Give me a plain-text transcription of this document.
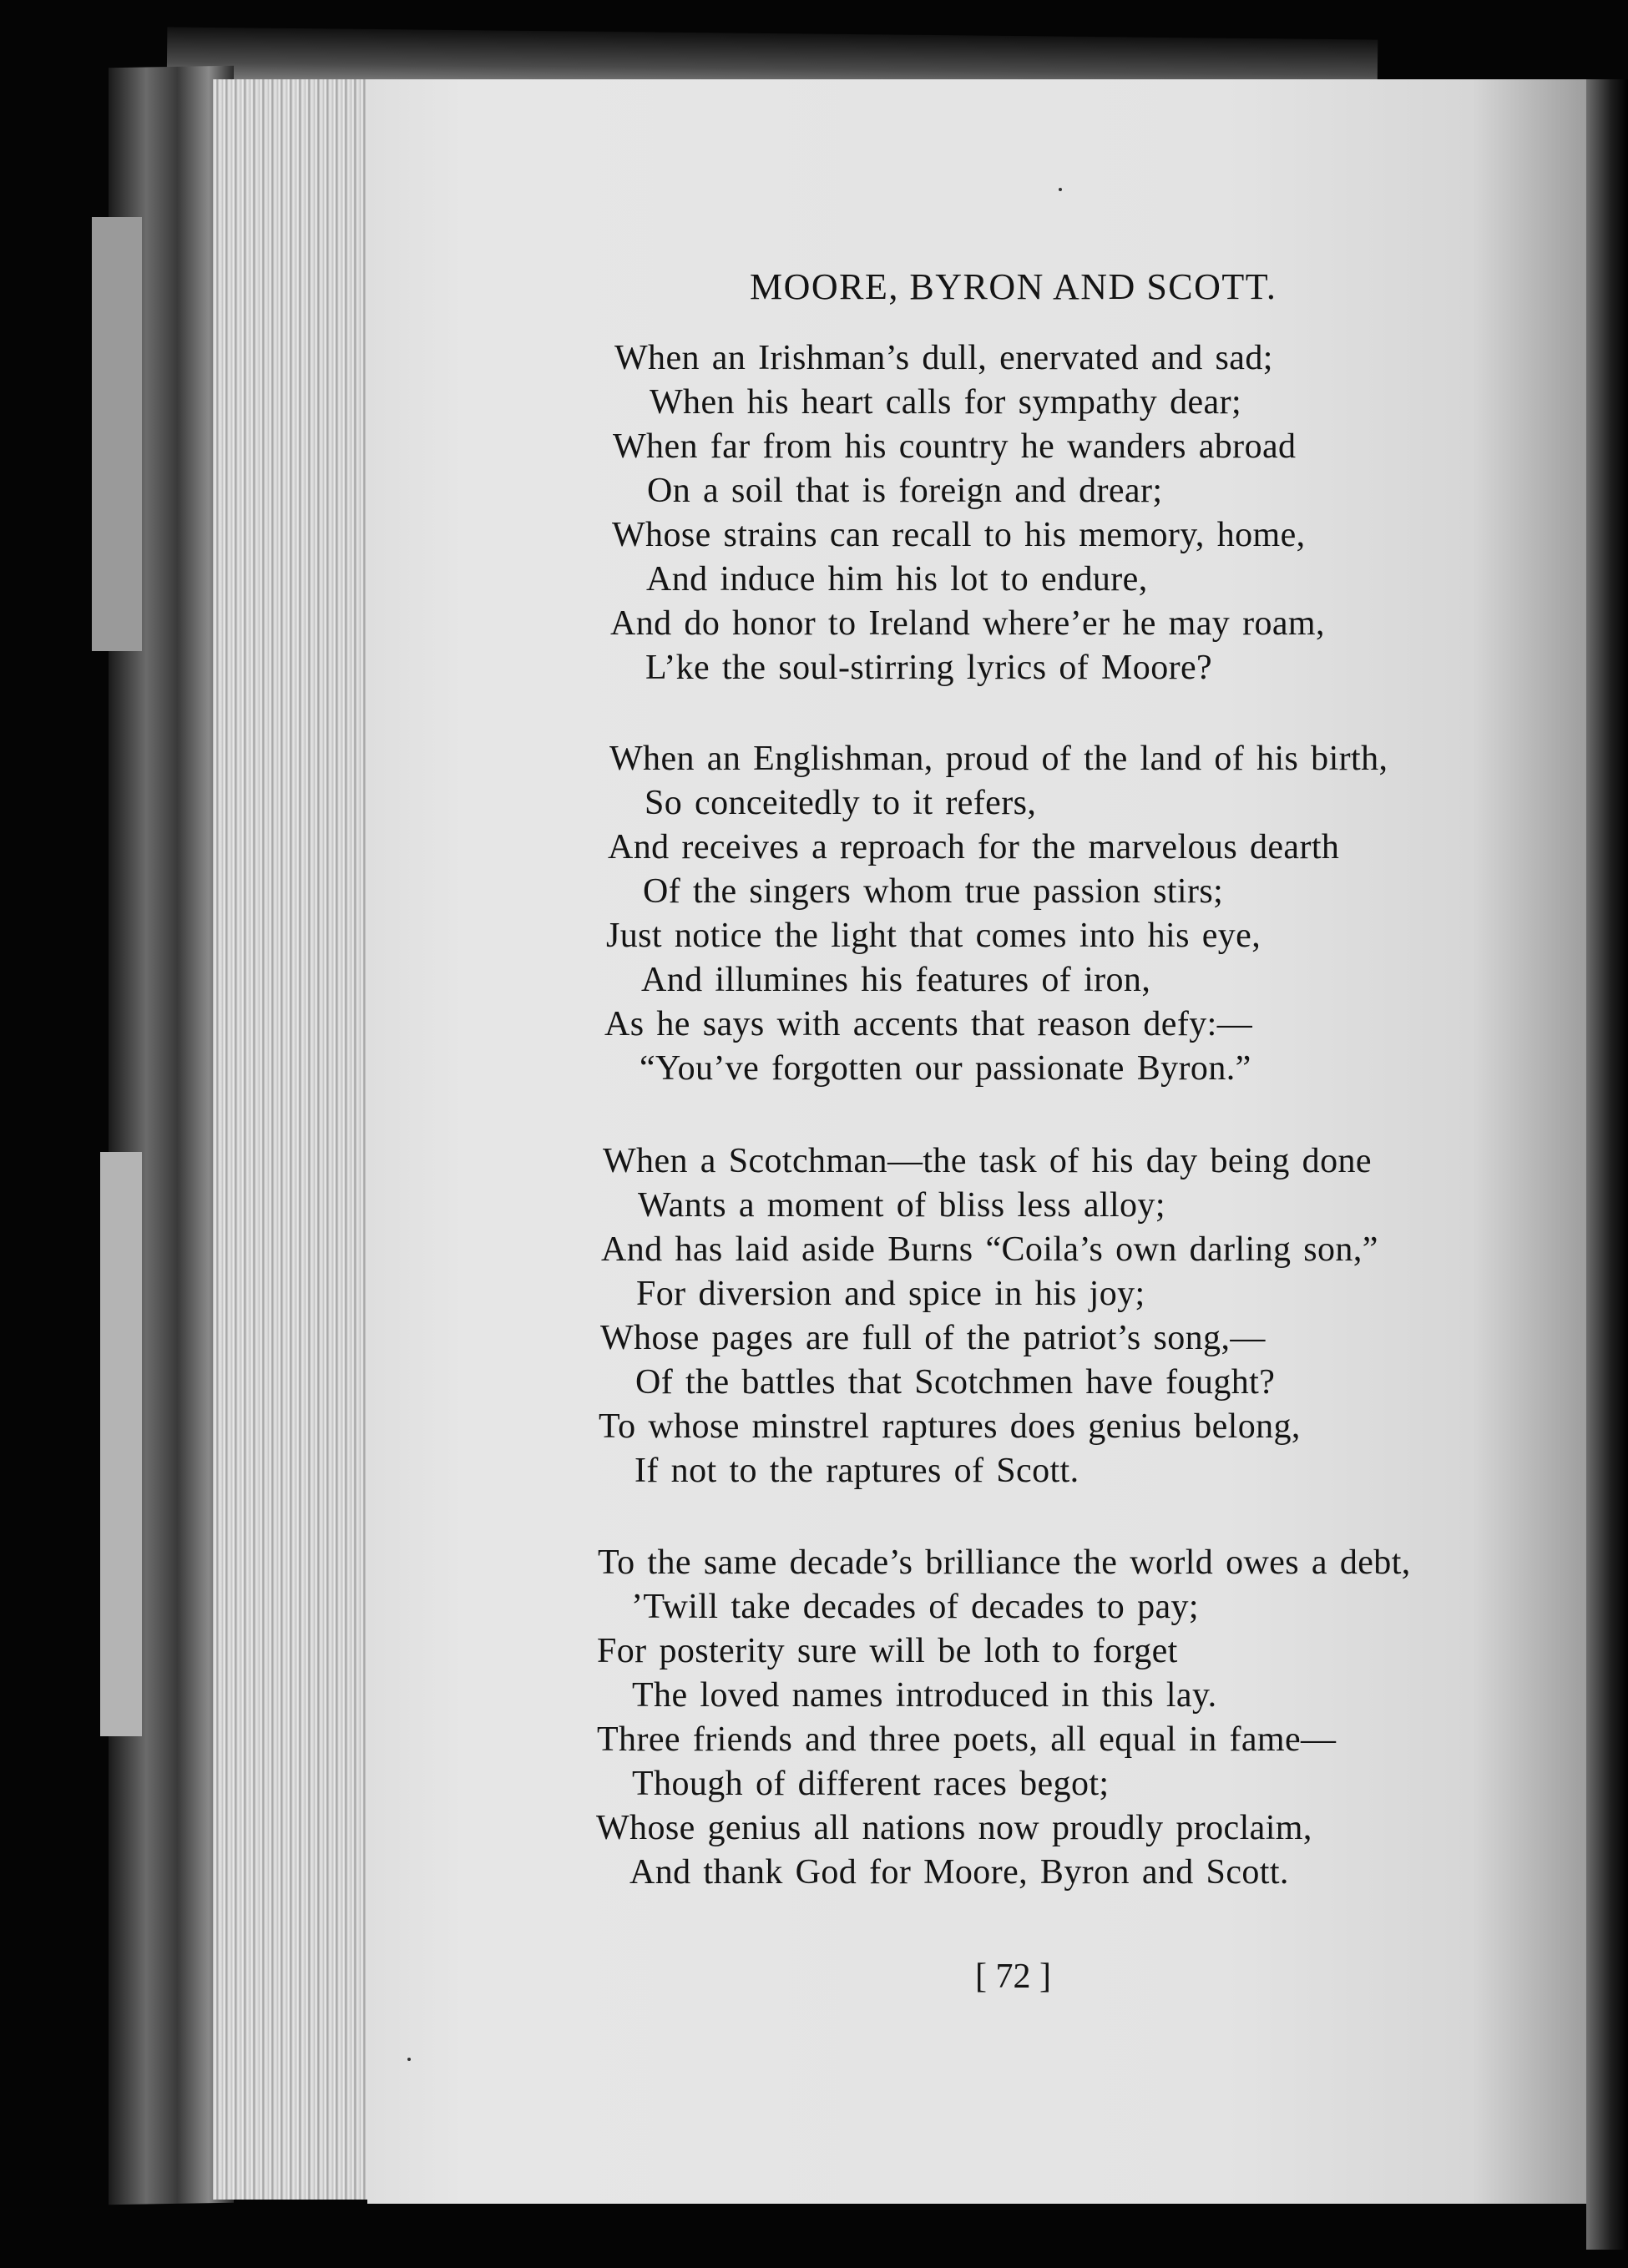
MOORE, BYRON AND SCOTT.
When an Irishman’s dull, enervated and sad;
When his heart calls for sympathy dear;
When far from his country he wanders abroad
On a soil that is foreign and drear;
Whose strains can recall to his memory, home,
And induce him his lot to endure,
And do honor to Ireland where’er he may roam,
L’ke the soul-stirring lyrics of Moore?
When an Englishman, proud of the land of his birth,
So conceitedly to it refers,
And receives a reproach for the marvelous dearth
Of the singers whom true passion stirs;
Just notice the light that comes into his eye,
And illumines his features of iron,
As he says with accents that reason defy:—
“You’ve forgotten our passionate Byron.”
When a Scotchman—the task of his day being done
Wants a moment of bliss less alloy;
And has laid aside Burns “Coila’s own darling son,”
For diversion and spice in his joy;
Whose pages are full of the patriot’s song,—
Of the battles that Scotchmen have fought?
To whose minstrel raptures does genius belong,
If not to the raptures of Scott.
To the same decade’s brilliance the world owes a debt,
’Twill take decades of decades to pay;
For posterity sure will be loth to forget
The loved names introduced in this lay.
Three friends and three poets, all equal in fame—
Though of different races begot;
Whose genius all nations now proudly proclaim,
And thank God for Moore, Byron and Scott.
[ 72 ]
